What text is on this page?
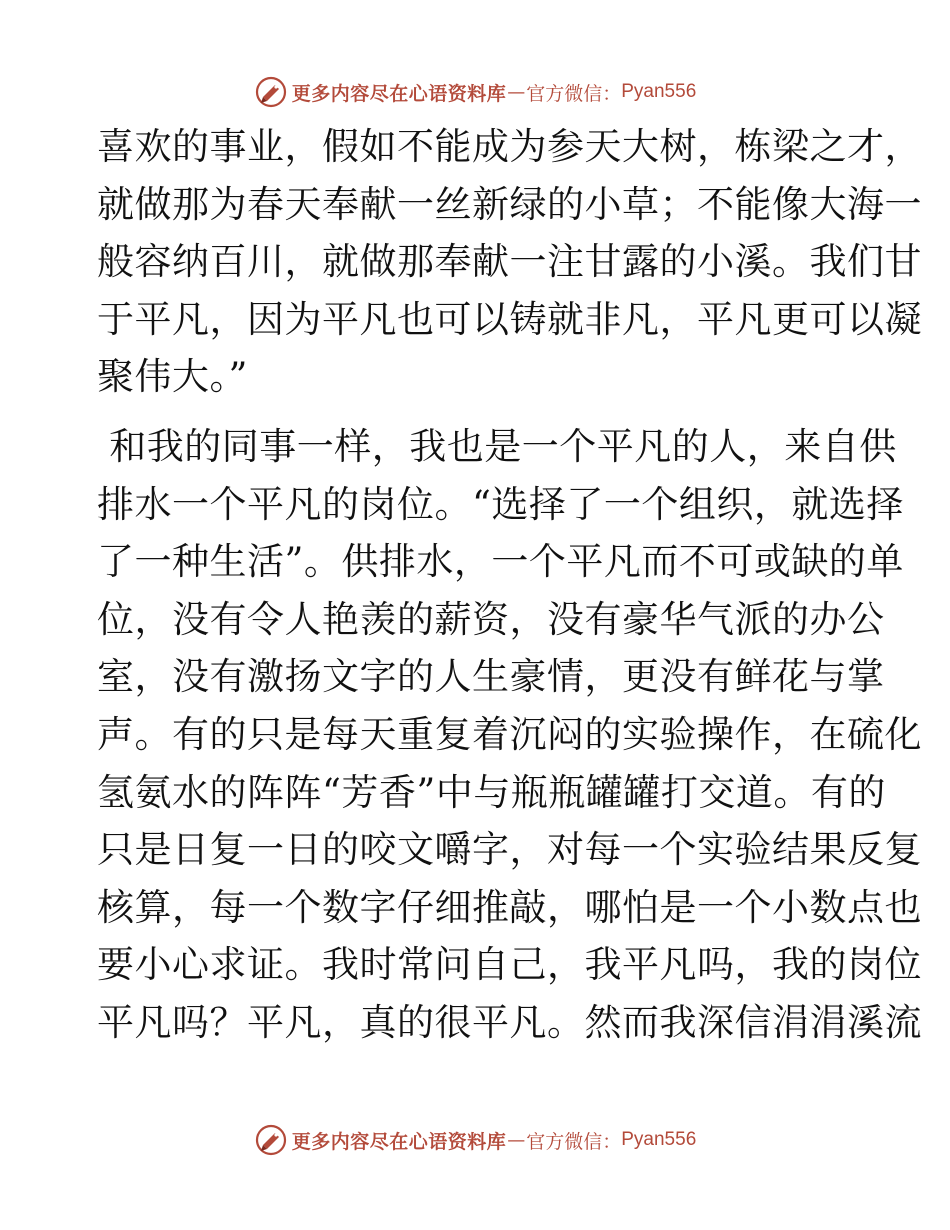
更多内容尽在心语资料库 — 官方微信： Pyan556
喜欢的事业，假如不能成为参天大树，栋梁之才，
就做那为春天奉献一丝新绿的小草；不能像大海一
般容纳百川，就做那奉献一注甘露的小溪。我们甘
于平凡，因为平凡也可以铸就非凡，平凡更可以凝
聚伟大。”
和我的同事一样，我也是一个平凡的人，来自供
排水一个平凡的岗位。“选择了一个组织，就选择
了一种生活”。供排水，一个平凡而不可或缺的单
位，没有令人艳羡的薪资，没有豪华气派的办公
室，没有激扬文字的人生豪情，更没有鲜花与掌
声。有的只是每天重复着沉闷的实验操作，在硫化
氢氨水的阵阵“芳香”中与瓶瓶罐罐打交道。有的
只是日复一日的咬文嚼字，对每一个实验结果反复
核算，每一个数字仔细推敲，哪怕是一个小数点也
要小心求证。我时常问自己，我平凡吗，我的岗位
平凡吗？平凡，真的很平凡。然而我深信涓涓溪流
更多内容尽在心语资料库 — 官方微信： Pyan556
